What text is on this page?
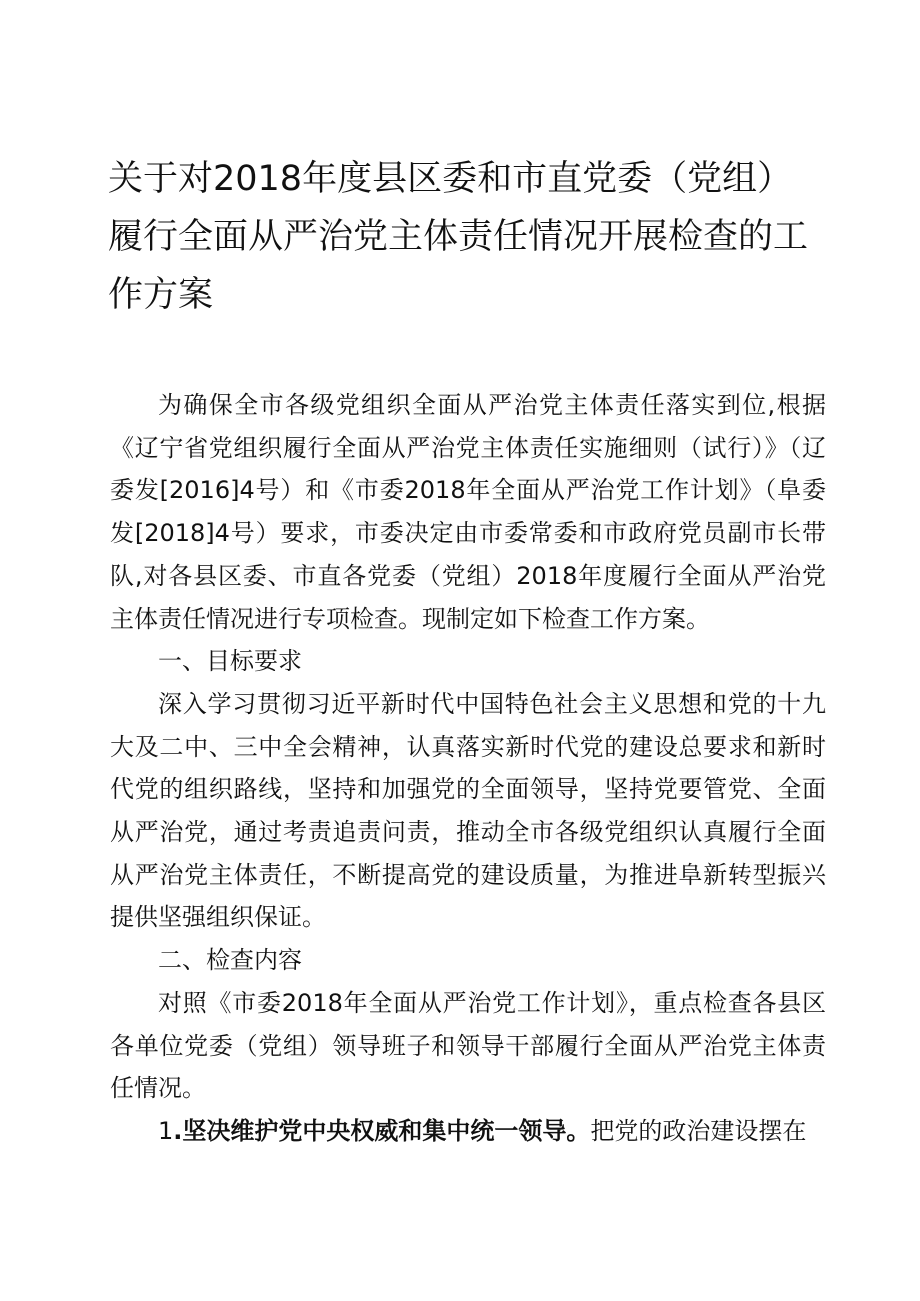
关于对2018年度县区委和市直党委（党组）履行全面从严治党主体责任情况开展检查的工作方案

为确保全市各级党组织全面从严治党主体责任落实到位,根据《辽宁省党组织履行全面从严治党主体责任实施细则（试行）》（辽委发[2016]4号）和《市委2018年全面从严治党工作计划》（阜委发[2018]4号）要求，市委决定由市委常委和市政府党员副市长带队,对各县区委、市直各党委（党组）2018年度履行全面从严治党主体责任情况进行专项检查。现制定如下检查工作方案。

一、目标要求

深入学习贯彻习近平新时代中国特色社会主义思想和党的十九大及二中、三中全会精神，认真落实新时代党的建设总要求和新时代党的组织路线，坚持和加强党的全面领导，坚持党要管党、全面从严治党，通过考责追责问责，推动全市各级党组织认真履行全面从严治党主体责任，不断提高党的建设质量，为推进阜新转型振兴提供坚强组织保证。

二、检查内容

对照《市委2018年全面从严治党工作计划》，重点检查各县区各单位党委（党组）领导班子和领导干部履行全面从严治党主体责任情况。

1.坚决维护党中央权威和集中统一领导。把党的政治建设摆在
